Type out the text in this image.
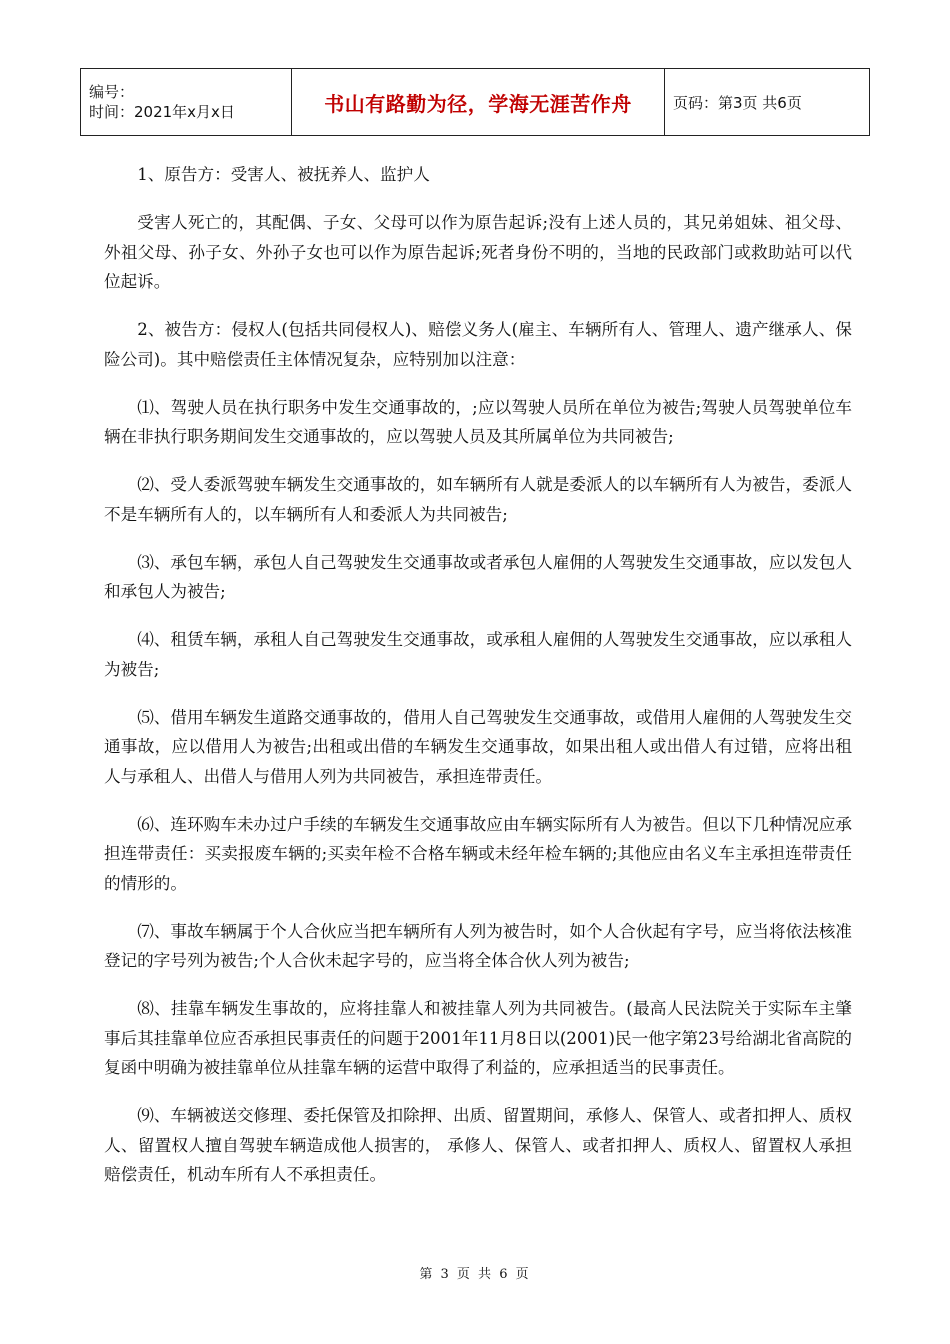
编号：
时间：2021年x月x日	书山有路勤为径，学海无涯苦作舟	页码：第3页 共6页

1、原告方：受害人、被抚养人、监护人

受害人死亡的，其配偶、子女、父母可以作为原告起诉;没有上述人员的，其兄弟姐妹、祖父母、外祖父母、孙子女、外孙子女也可以作为原告起诉;死者身份不明的，当地的民政部门或救助站可以代位起诉。

2、被告方：侵权人(包括共同侵权人)、赔偿义务人(雇主、车辆所有人、管理人、遗产继承人、保险公司)。其中赔偿责任主体情况复杂，应特别加以注意：

⑴、驾驶人员在执行职务中发生交通事故的，;应以驾驶人员所在单位为被告;驾驶人员驾驶单位车辆在非执行职务期间发生交通事故的，应以驾驶人员及其所属单位为共同被告;

⑵、受人委派驾驶车辆发生交通事故的，如车辆所有人就是委派人的以车辆所有人为被告，委派人不是车辆所有人的，以车辆所有人和委派人为共同被告;

⑶、承包车辆，承包人自己驾驶发生交通事故或者承包人雇佣的人驾驶发生交通事故，应以发包人和承包人为被告;

⑷、租赁车辆，承租人自己驾驶发生交通事故，或承租人雇佣的人驾驶发生交通事故，应以承租人为被告;

⑸、借用车辆发生道路交通事故的，借用人自己驾驶发生交通事故，或借用人雇佣的人驾驶发生交通事故，应以借用人为被告;出租或出借的车辆发生交通事故，如果出租人或出借人有过错，应将出租人与承租人、出借人与借用人列为共同被告，承担连带责任。

⑹、连环购车未办过户手续的车辆发生交通事故应由车辆实际所有人为被告。但以下几种情况应承担连带责任：买卖报废车辆的;买卖年检不合格车辆或未经年检车辆的;其他应由名义车主承担连带责任的情形的。

⑺、事故车辆属于个人合伙应当把车辆所有人列为被告时，如个人合伙起有字号，应当将依法核准登记的字号列为被告;个人合伙未起字号的，应当将全体合伙人列为被告;

⑻、挂靠车辆发生事故的，应将挂靠人和被挂靠人列为共同被告。(最高人民法院关于实际车主肇事后其挂靠单位应否承担民事责任的问题于2001年11月8日以(2001)民一他字第23号给湖北省高院的复函中明确为被挂靠单位从挂靠车辆的运营中取得了利益的，应承担适当的民事责任。

⑼、车辆被送交修理、委托保管及扣除押、出质、留置期间，承修人、保管人、或者扣押人、质权人、留置权人擅自驾驶车辆造成他人损害的， 承修人、保管人、或者扣押人、质权人、留置权人承担赔偿责任，机动车所有人不承担责任。

第 3 页 共 6 页
